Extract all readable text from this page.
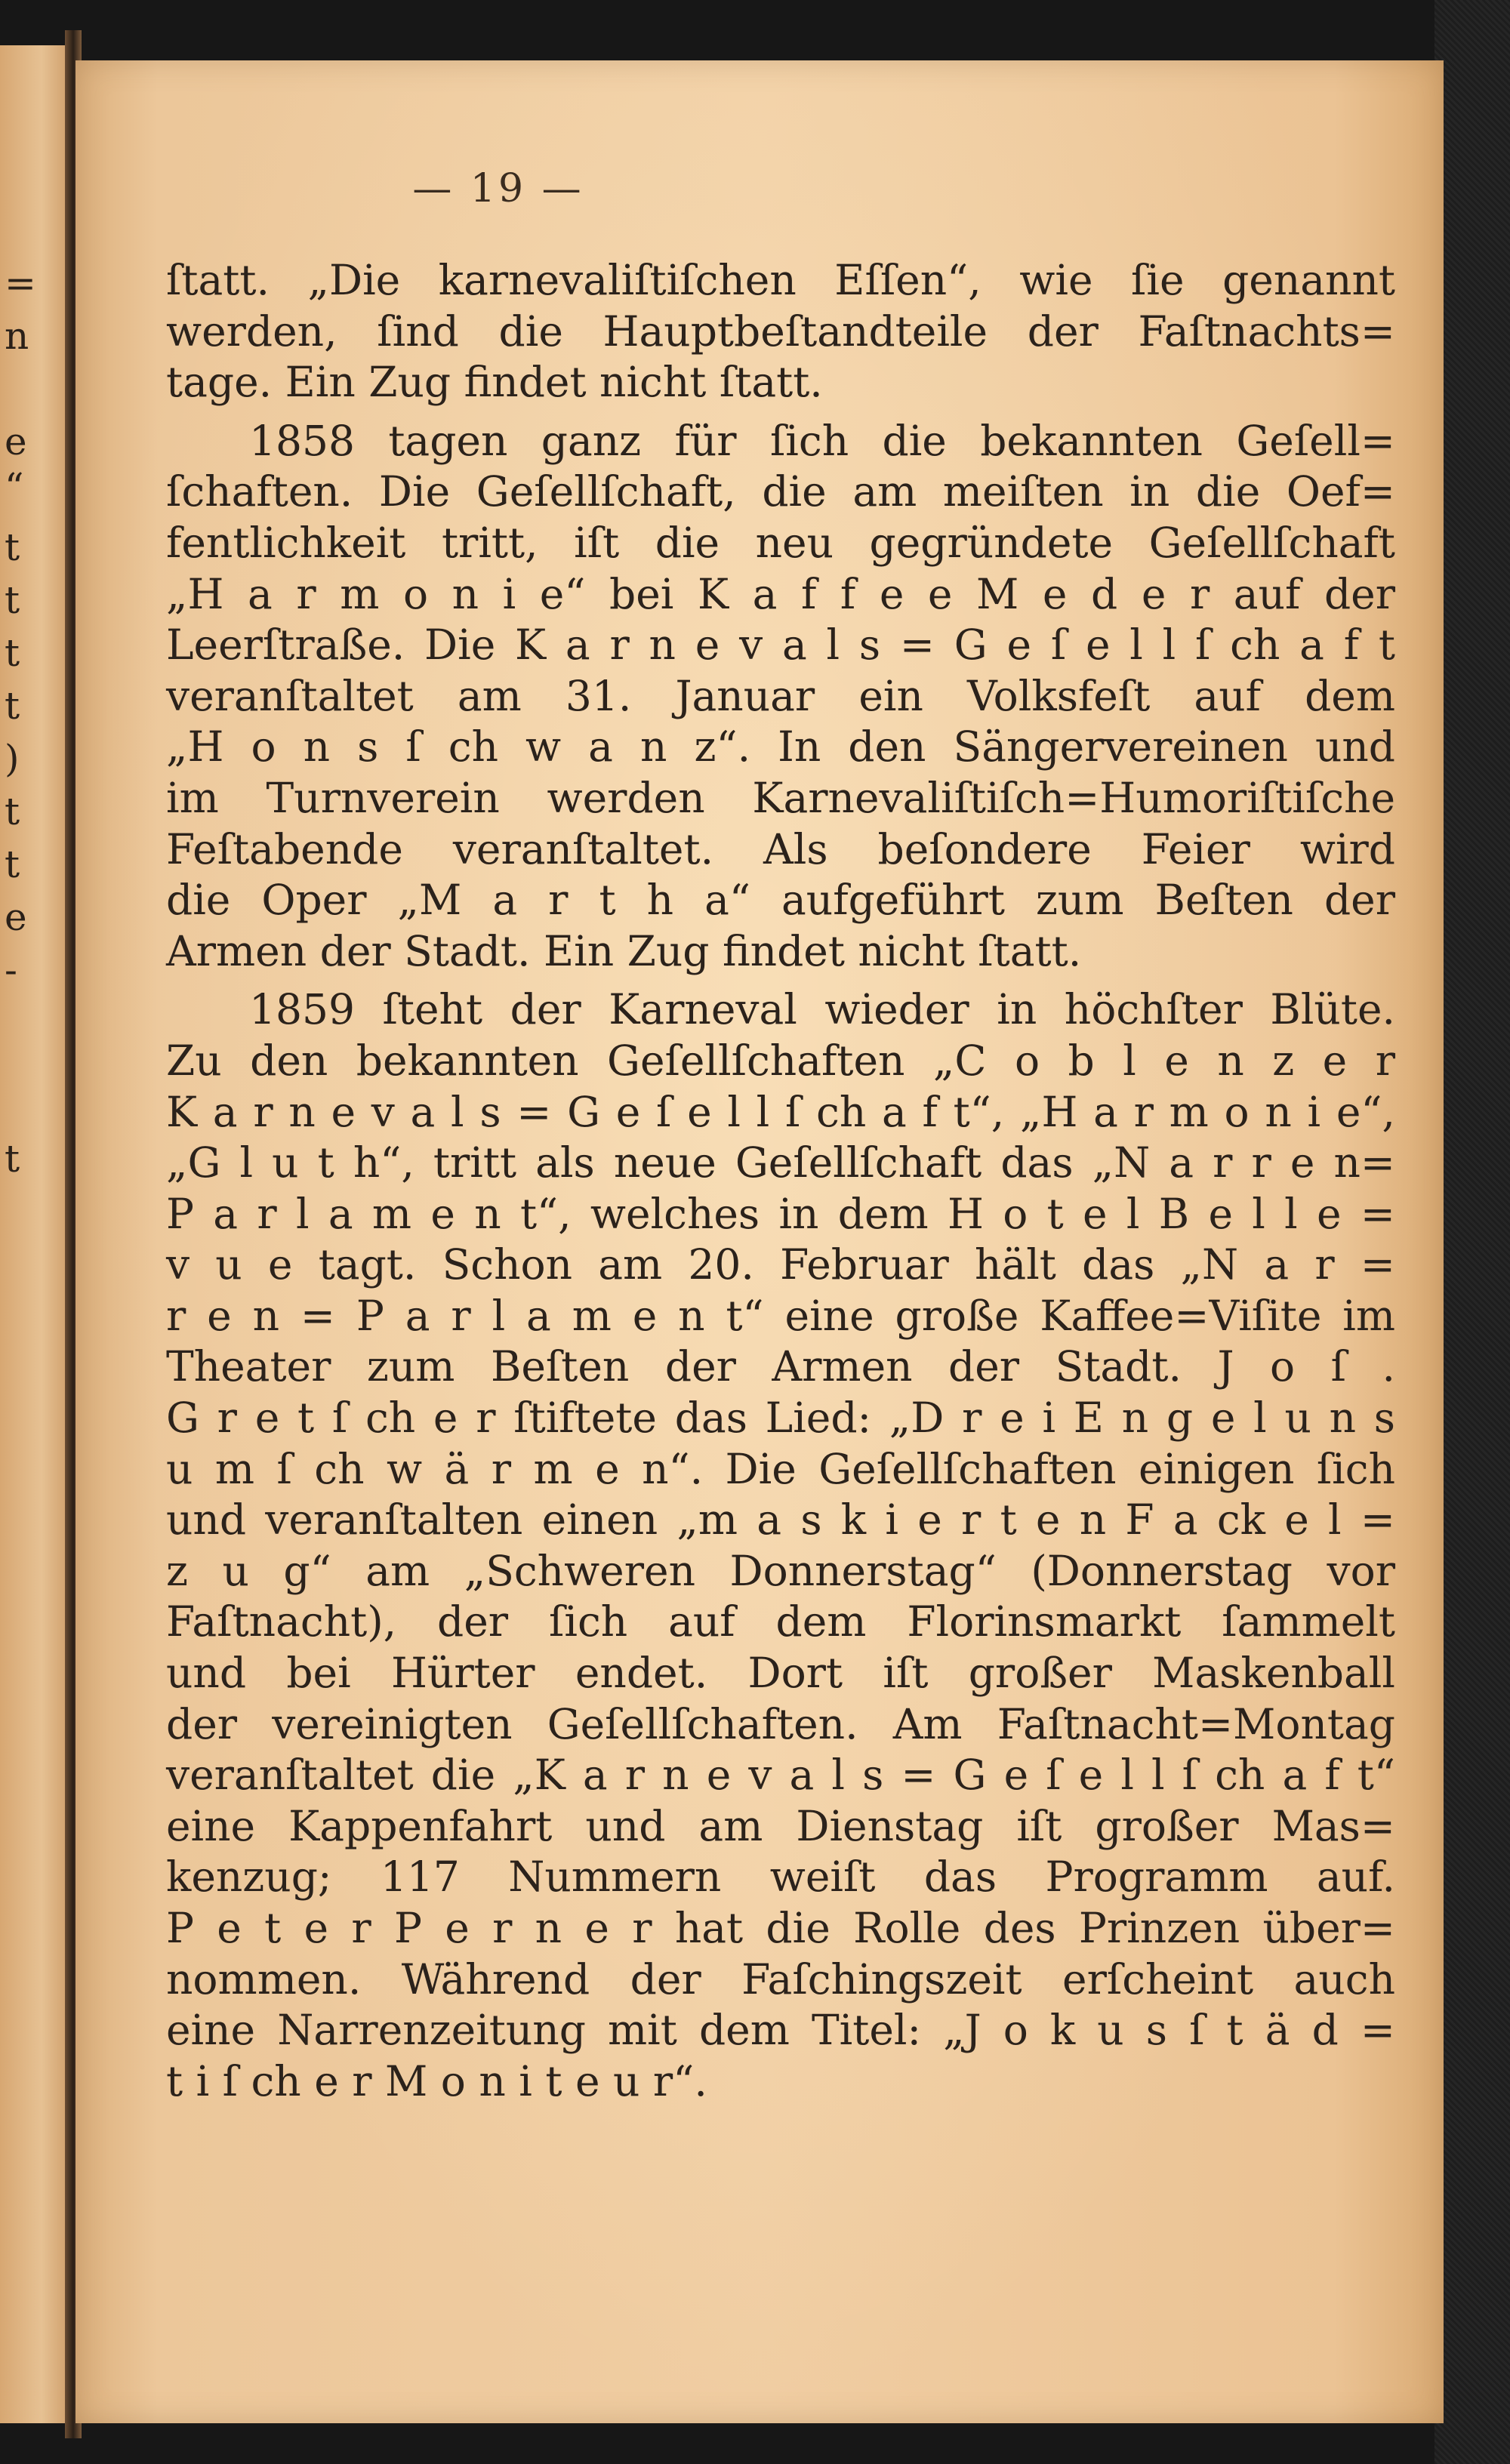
=
n
e
“
t
t
t
t
)
t
t
e
-
t
— 19 —
ſtatt. „Die karnevaliſtiſchen Eſſen“, wie ſie genannt
werden, ſind die Hauptbeſtandteile der Faſtnachts=
tage. Ein Zug findet nicht ſtatt.
1858 tagen ganz für ſich die bekannten Geſell=
ſchaften. Die Geſellſchaft, die am meiſten in die Oef=
fentlichkeit tritt, iſt die neu gegründete Geſellſchaft
„H a r m o n i e“ bei K a f f e e M e d e r auf der
Leerſtraße. Die K a r n e v a l s = G e ſ e l l ſ ch a f t
veranſtaltet am 31. Januar ein Volksfeſt auf dem
„H o n s ſ ch w a n z“. In den Sängervereinen und
im Turnverein werden Karnevaliſtiſch=Humoriſtiſche
Feſtabende veranſtaltet. Als beſondere Feier wird
die Oper „M a r t h a“ aufgeführt zum Beſten der
Armen der Stadt. Ein Zug findet nicht ſtatt.
1859 ſteht der Karneval wieder in höchſter Blüte.
Zu den bekannten Geſellſchaften „C o b l e n z e r
K a r n e v a l s = G e ſ e l l ſ ch a f t“, „H a r m o n i e“,
„G l u t h“, tritt als neue Geſellſchaft das „N a r r e n=
P a r l a m e n t“, welches in dem H o t e l B e l l e =
v u e tagt. Schon am 20. Februar hält das „N a r =
r e n = P a r l a m e n t“ eine große Kaffee=Viſite im
Theater zum Beſten der Armen der Stadt. J o ſ .
G r e t ſ ch e r ſtiftete das Lied: „D r e i E n g e l u n s
u m ſ ch w ä r m e n“. Die Geſellſchaften einigen ſich
und veranſtalten einen „m a s k i e r t e n F a ck e l =
z u g“ am „Schweren Donnerstag“ (Donnerstag vor
Faſtnacht), der ſich auf dem Florinsmarkt ſammelt
und bei Hürter endet. Dort iſt großer Maskenball
der vereinigten Geſellſchaften. Am Faſtnacht=Montag
veranſtaltet die „K a r n e v a l s = G e ſ e l l ſ ch a f t“
eine Kappenfahrt und am Dienstag iſt großer Mas=
kenzug; 117 Nummern weiſt das Programm auf.
P e t e r P e r n e r hat die Rolle des Prinzen über=
nommen. Während der Faſchingszeit erſcheint auch
eine Narrenzeitung mit dem Titel: „J o k u s ſ t ä d =
t i ſ ch e r M o n i t e u r“.
